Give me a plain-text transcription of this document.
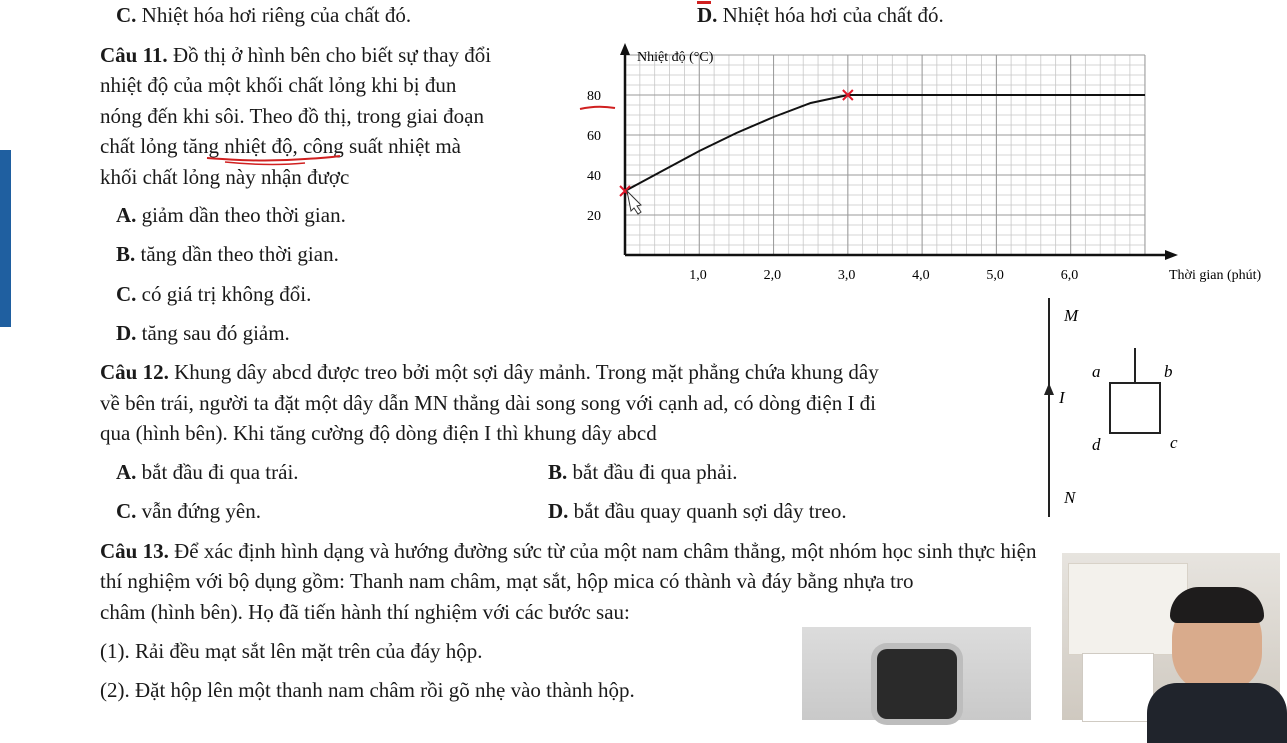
C. Nhiệt hóa hơi riêng của chất đó.	D. Nhiệt hóa hơi của chất đó.
Câu 11. Đồ thị ở hình bên cho biết sự thay đổi
nhiệt độ của một khối chất lỏng khi bị đun
nóng đến khi sôi. Theo đồ thị, trong giai đoạn
chất lỏng tăng nhiệt độ, công suất nhiệt mà
khối chất lỏng này nhận được
A. giảm dần theo thời gian.
B. tăng dần theo thời gian.
C. có giá trị không đổi.
D. tăng sau đó giảm.
Nhiệt độ (°C)
Thời gian (phút)
1,0	2,0	3,0	4,0	5,0	6,0
20
40
60
80
Câu 12. Khung dây abcd được treo bởi một sợi dây mảnh. Trong mặt phẳng chứa khung dây
về bên trái, người ta đặt một dây dẫn MN thẳng dài song song với cạnh ad, có dòng điện I đi
qua (hình bên). Khi tăng cường độ dòng điện I thì khung dây abcd
A. bắt đầu đi qua trái.	B. bắt đầu đi qua phải.
C. vẫn đứng yên.	D. bắt đầu quay quanh sợi dây treo.
M
N
I
a	b
c
d
Câu 13. Để xác định hình dạng và hướng đường sức từ của một nam châm thẳng, một nhóm học sinh thực hiện
thí nghiệm với bộ dụng gồm: Thanh nam châm, mạt sắt, hộp mica có thành và đáy bằng nhựa tro
châm (hình bên). Họ đã tiến hành thí nghiệm với các bước sau:
(1). Rải đều mạt sắt lên mặt trên của đáy hộp.
(2). Đặt hộp lên một thanh nam châm rồi gõ nhẹ vào thành hộp.
